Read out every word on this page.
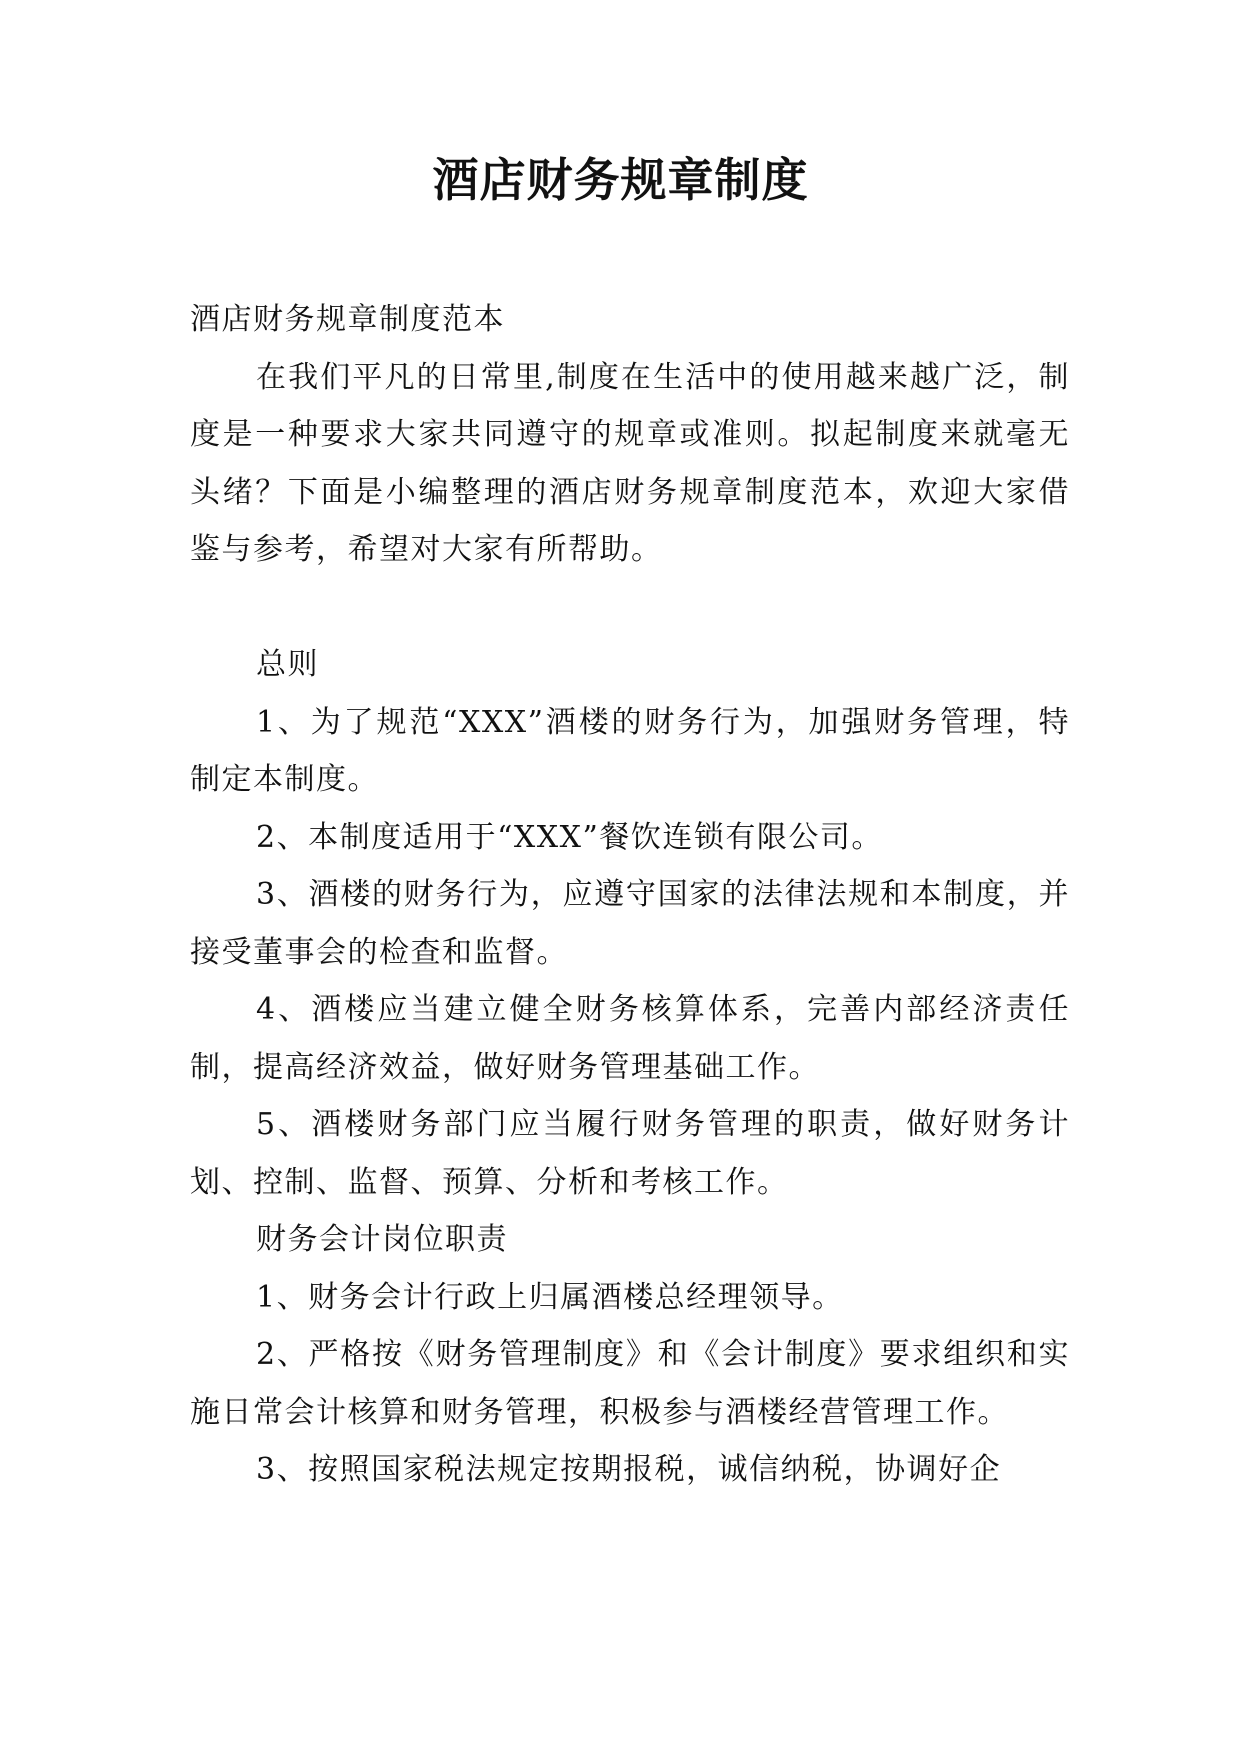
酒店财务规章制度

酒店财务规章制度范本

在我们平凡的日常里,制度在生活中的使用越来越广泛，制度是一种要求大家共同遵守的规章或准则。拟起制度来就毫无头绪？下面是小编整理的酒店财务规章制度范本，欢迎大家借鉴与参考，希望对大家有所帮助。

总则

1、为了规范“XXX”酒楼的财务行为，加强财务管理，特制定本制度。

2、本制度适用于“XXX”餐饮连锁有限公司。

3、酒楼的财务行为，应遵守国家的法律法规和本制度，并接受董事会的检查和监督。

4、酒楼应当建立健全财务核算体系，完善内部经济责任制，提高经济效益，做好财务管理基础工作。

5、酒楼财务部门应当履行财务管理的职责，做好财务计划、控制、监督、预算、分析和考核工作。

财务会计岗位职责

1、财务会计行政上归属酒楼总经理领导。

2、严格按《财务管理制度》和《会计制度》要求组织和实施日常会计核算和财务管理，积极参与酒楼经营管理工作。

3、按照国家税法规定按期报税，诚信纳税，协调好企
